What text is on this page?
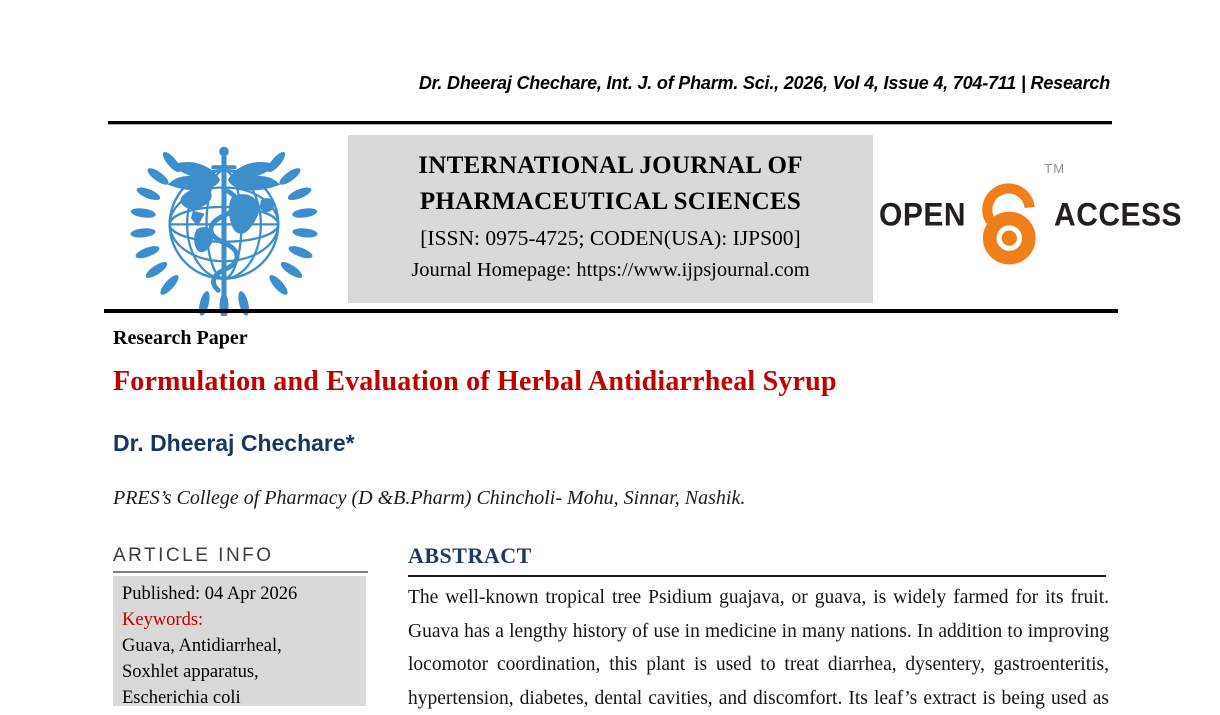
Dr. Dheeraj Chechare, Int. J. of Pharm. Sci., 2026, Vol 4, Issue 4, 704-711 | Research
INTERNATIONAL JOURNAL OF
PHARMACEUTICAL SCIENCES
[ISSN: 0975-4725; CODEN(USA): IJPS00]
Journal Homepage: https://www.ijpsjournal.com
OPEN
TM
ACCESS
Research Paper
Formulation and Evaluation of Herbal Antidiarrheal Syrup
Dr. Dheeraj Chechare*
PRES’s College of Pharmacy (D &B.Pharm) Chincholi- Mohu, Sinnar, Nashik.
ARTICLE INFO
Published: 04 Apr 2026
Keywords:
Guava, Antidiarrheal,
Soxhlet apparatus,
Escherichia coli
ABSTRACT
The well-known tropical tree Psidium guajava, or guava, is widely farmed for its fruit. Guava has a lengthy history of use in medicine in many nations. In addition to improving locomotor coordination, this plant is used to treat diarrhea, dysentery, gastroenteritis, hypertension, diabetes, dental cavities, and discomfort. Its leaf’s extract is being used as
